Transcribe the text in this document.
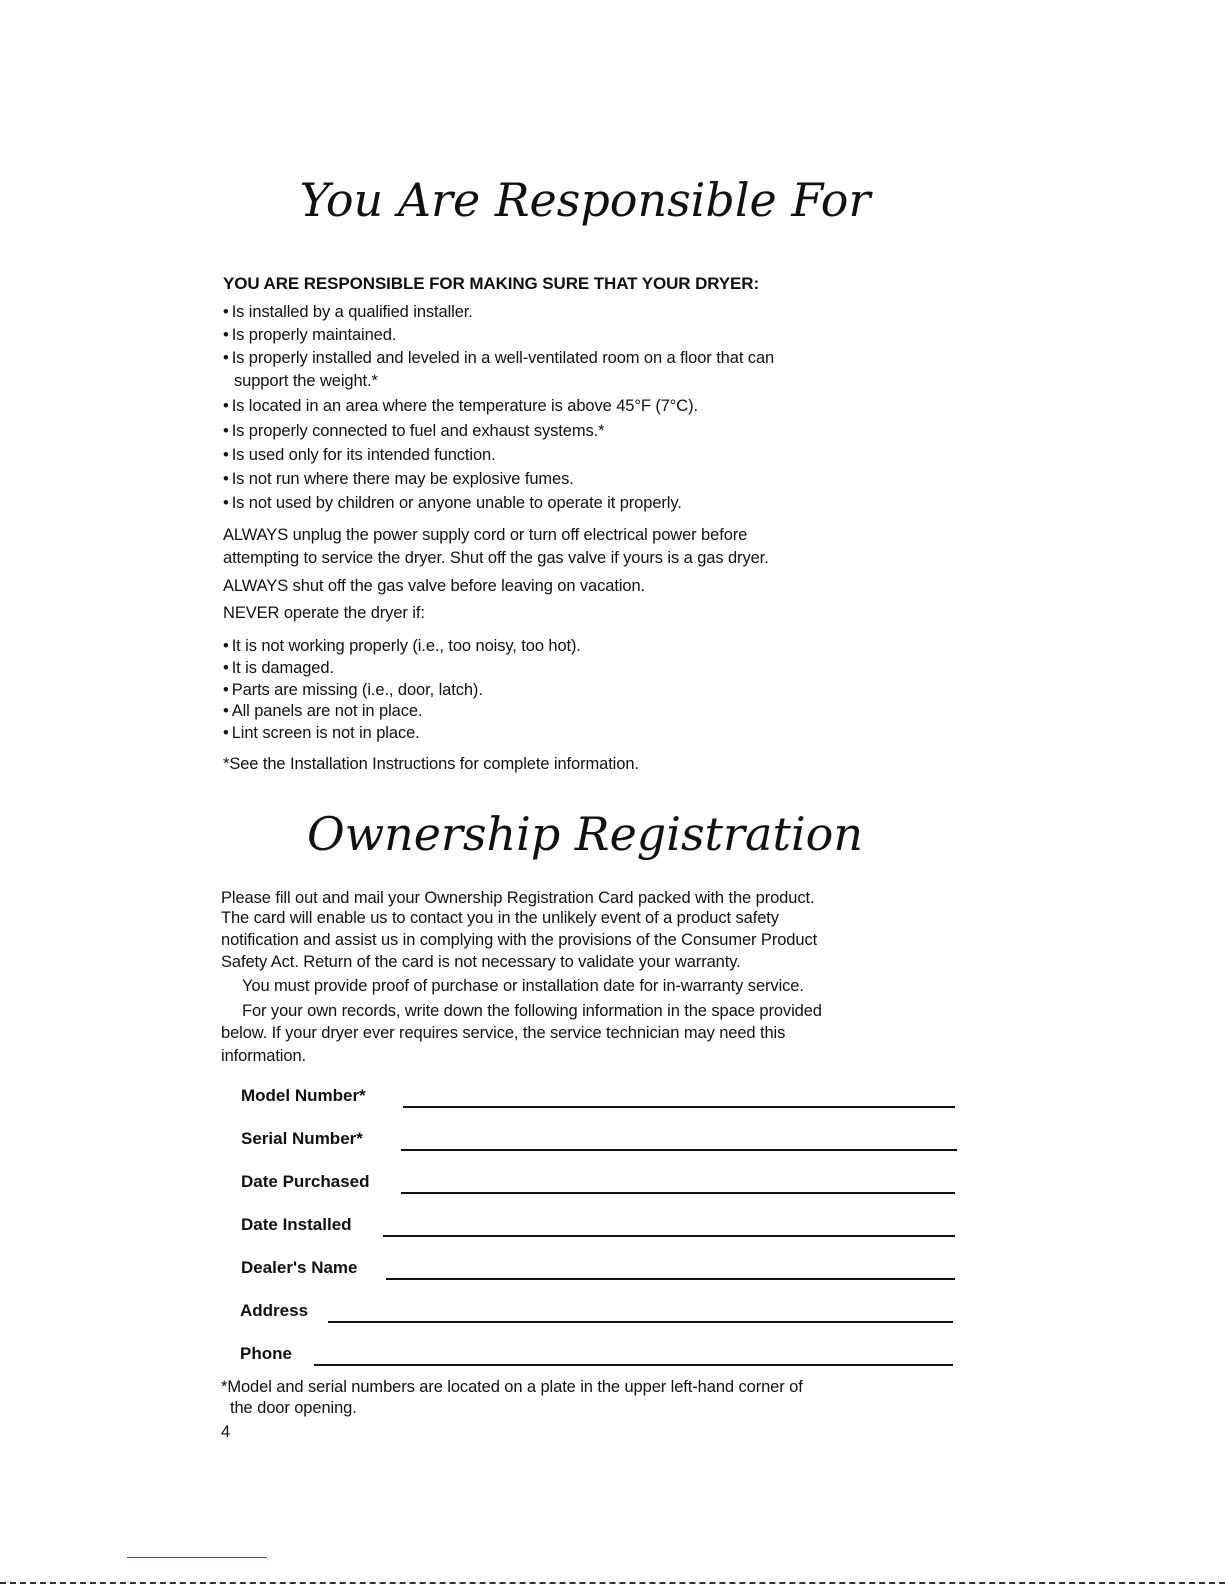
You Are Responsible For
YOU ARE RESPONSIBLE FOR MAKING SURE THAT YOUR DRYER:
• Is installed by a qualified installer.
• Is properly maintained.
• Is properly installed and leveled in a well-ventilated room on a floor that can
support the weight.*
• Is located in an area where the temperature is above 45°F (7°C).
• Is properly connected to fuel and exhaust systems.*
• Is used only for its intended function.
• Is not run where there may be explosive fumes.
• Is not used by children or anyone unable to operate it properly.
ALWAYS unplug the power supply cord or turn off electrical power before
attempting to service the dryer. Shut off the gas valve if yours is a gas dryer.
ALWAYS shut off the gas valve before leaving on vacation.
NEVER operate the dryer if:
• It is not working properly (i.e., too noisy, too hot).
• It is damaged.
• Parts are missing (i.e., door, latch).
• All panels are not in place.
• Lint screen is not in place.
*See the Installation Instructions for complete information.
Ownership Registration
Please fill out and mail your Ownership Registration Card packed with the product.
The card will enable us to contact you in the unlikely event of a product safety
notification and assist us in complying with the provisions of the Consumer Product
Safety Act. Return of the card is not necessary to validate your warranty.
You must provide proof of purchase or installation date for in-warranty service.
For your own records, write down the following information in the space provided
below. If your dryer ever requires service, the service technician may need this
information.
Model Number*
Serial Number*
Date Purchased
Date Installed
Dealer's Name
Address
Phone
*Model and serial numbers are located on a plate in the upper left-hand corner of
the door opening.
4
